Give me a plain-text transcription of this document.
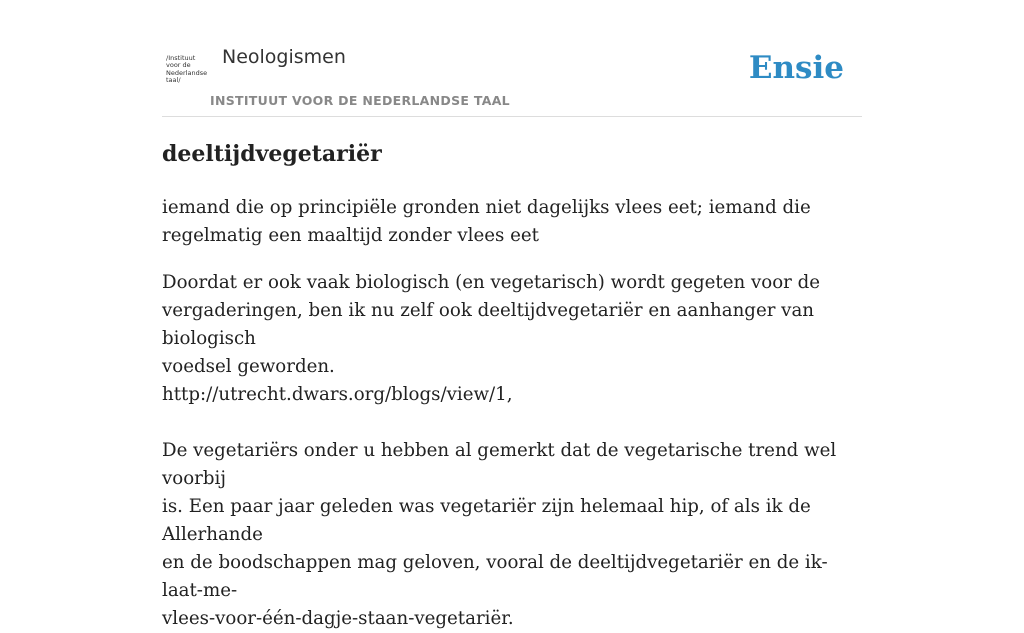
/Instituut
voor de
Nederlandse
taal/
Neologismen
INSTITUUT VOOR DE NEDERLANDSE TAAL
Ensie
deeltijdvegetariër

iemand die op principiële gronden niet dagelijks vlees eet; iemand die
regelmatig een maaltijd zonder vlees eet

Doordat er ook vaak biologisch (en vegetarisch) wordt gegeten voor de
vergaderingen, ben ik nu zelf ook deeltijdvegetariër en aanhanger van biologisch
voedsel geworden.
http://utrecht.dwars.org/blogs/view/1,
De vegetariërs onder u hebben al gemerkt dat de vegetarische trend wel voorbij
is. Een paar jaar geleden was vegetariër zijn helemaal hip, of als ik de Allerhande
en de boodschappen mag geloven, vooral de deeltijdvegetariër en de ik-laat-me-
vlees-voor-één-dagje-staan-vegetariër.
